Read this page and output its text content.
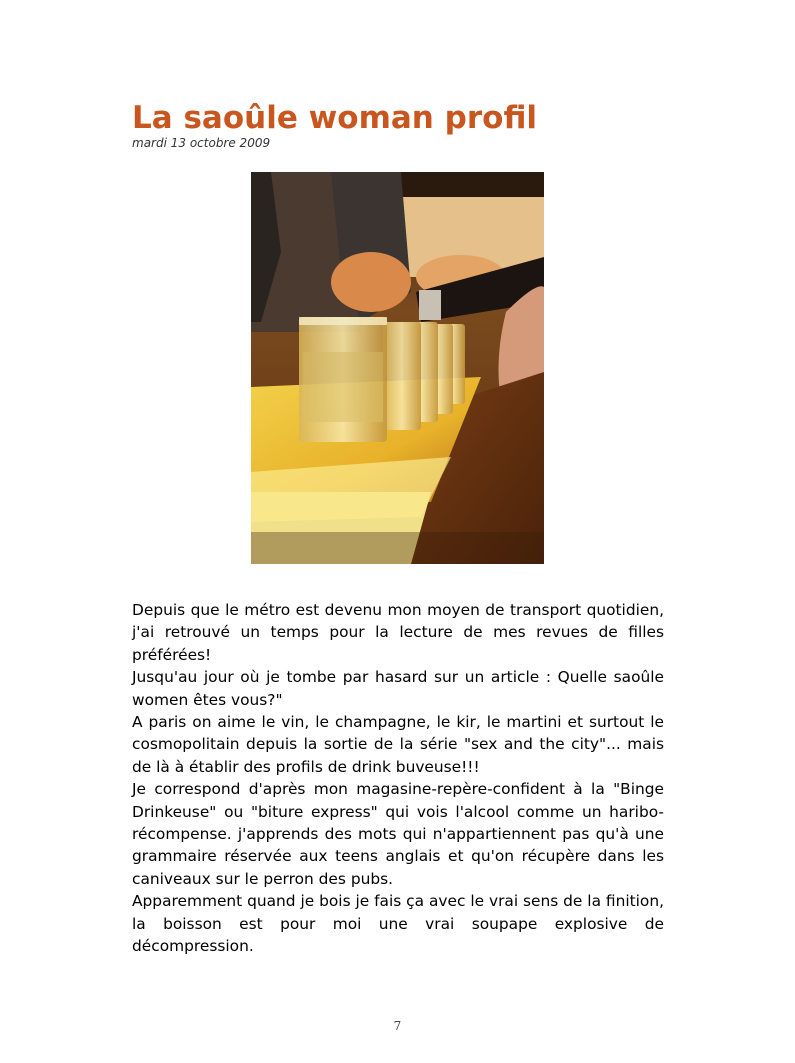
La saoûle woman profil
mardi 13 octobre 2009

Depuis que le métro est devenu mon moyen de transport quotidien, j'ai retrouvé un temps pour la lecture de mes revues de filles préférées!

Jusqu'au jour où je tombe par hasard sur un article : Quelle saoûle women êtes vous?"

A paris on aime le vin, le champagne, le kir, le martini et surtout le cosmopolitain depuis la sortie de la série "sex and the city"... mais de là à établir des profils de drink buveuse!!!

Je correspond d'après mon magasine-repère-confident à la "Binge Drinkeuse" ou "biture express" qui vois l'alcool comme un haribo-récompense. j'apprends des mots qui n'appartiennent pas qu'à une grammaire réservée aux teens anglais et qu'on récupère dans les caniveaux sur le perron des pubs.

Apparemment quand je bois je fais ça avec le vrai sens de la finition, la boisson est pour moi une vrai soupape explosive de décompression.

7
